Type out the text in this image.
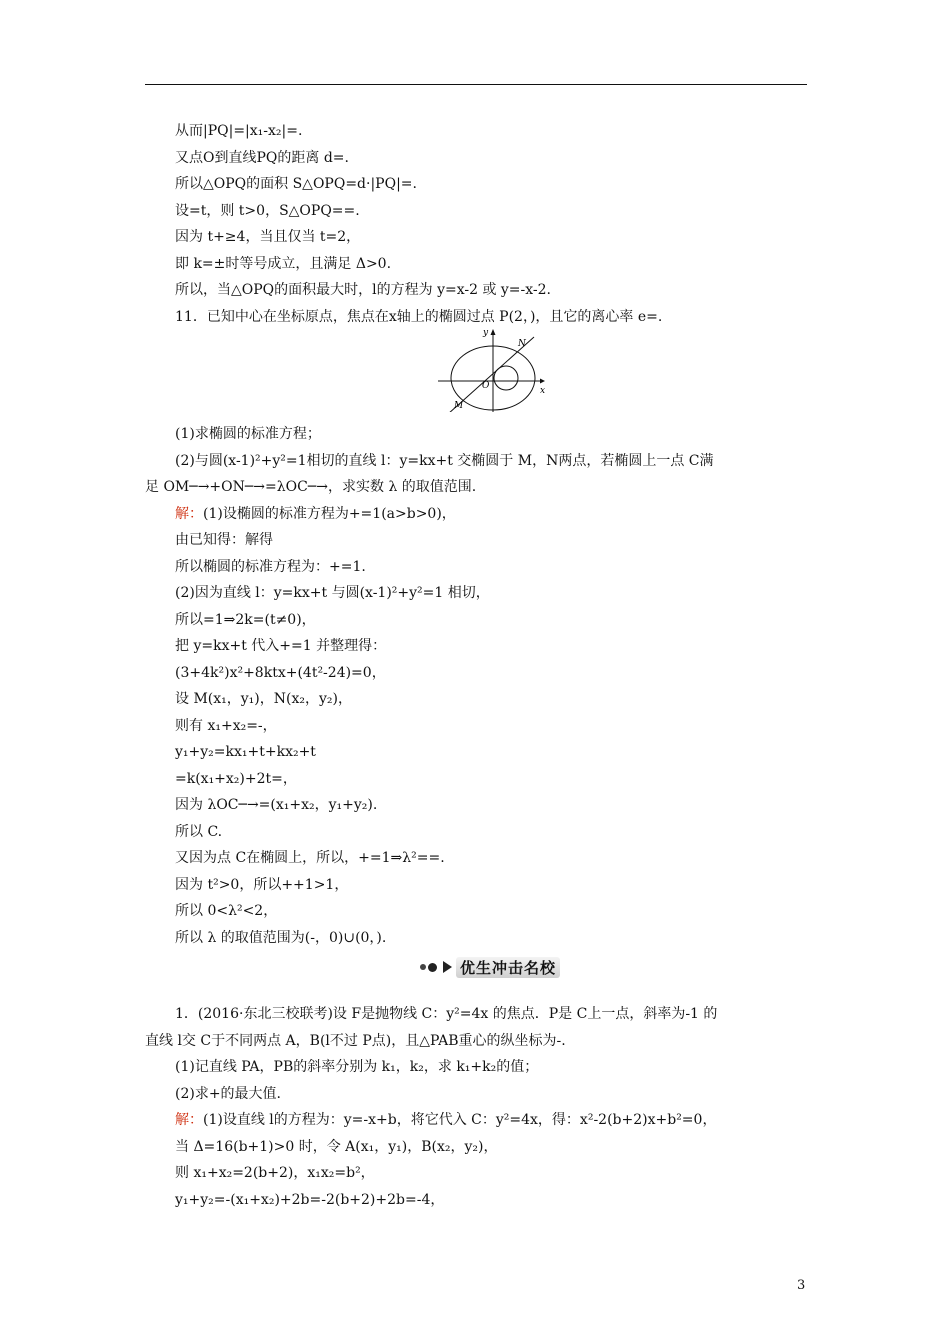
从而|PQ|=|x₁-x₂|=.
又点O到直线PQ的距离 d=.
所以△OPQ的面积 S△OPQ=d·|PQ|=.
设=t，则 t>0，S△OPQ==.
因为 t+≥4，当且仅当 t=2，
即 k=±时等号成立，且满足 Δ>0.
所以，当△OPQ的面积最大时，l的方程为 y=x-2 或 y=-x-2.
11．已知中心在坐标原点，焦点在x轴上的椭圆过点 P(2，)，且它的离心率 e=.
y
x
O
N
M
(1)求椭圆的标准方程；
(2)与圆(x-1)²+y²=1相切的直线 l：y=kx+t 交椭圆于 M，N两点，若椭圆上一点 C满
足 OM─→+ON─→=λOC─→，求实数 λ 的取值范围.
解：(1)设椭圆的标准方程为+=1(a>b>0)，
由已知得：解得
所以椭圆的标准方程为：+=1.
(2)因为直线 l：y=kx+t 与圆(x-1)²+y²=1 相切，
所以=1⇒2k=(t≠0)，
把 y=kx+t 代入+=1 并整理得：
(3+4k²)x²+8ktx+(4t²-24)=0，
设 M(x₁，y₁)，N(x₂，y₂)，
则有 x₁+x₂=-，
y₁+y₂=kx₁+t+kx₂+t
=k(x₁+x₂)+2t=，
因为 λOC─→=(x₁+x₂，y₁+y₂).
所以 C.
又因为点 C在椭圆上，所以，+=1⇒λ²==.
因为 t²>0，所以++1>1，
所以 0<λ²<2，
所以 λ 的取值范围为(-，0)∪(0，).
优生冲击名校
1．(2016·东北三校联考)设 F是抛物线 C：y²=4x 的焦点．P是 C上一点，斜率为-1 的
直线 l交 C于不同两点 A，B(l不过 P点)，且△PAB重心的纵坐标为-.
(1)记直线 PA，PB的斜率分别为 k₁，k₂，求 k₁+k₂的值；
(2)求+的最大值.
解：(1)设直线 l的方程为：y=-x+b，将它代入 C：y²=4x，得：x²-2(b+2)x+b²=0，
当 Δ=16(b+1)>0 时，令 A(x₁，y₁)，B(x₂，y₂)，
则 x₁+x₂=2(b+2)，x₁x₂=b²，
y₁+y₂=-(x₁+x₂)+2b=-2(b+2)+2b=-4，
3
